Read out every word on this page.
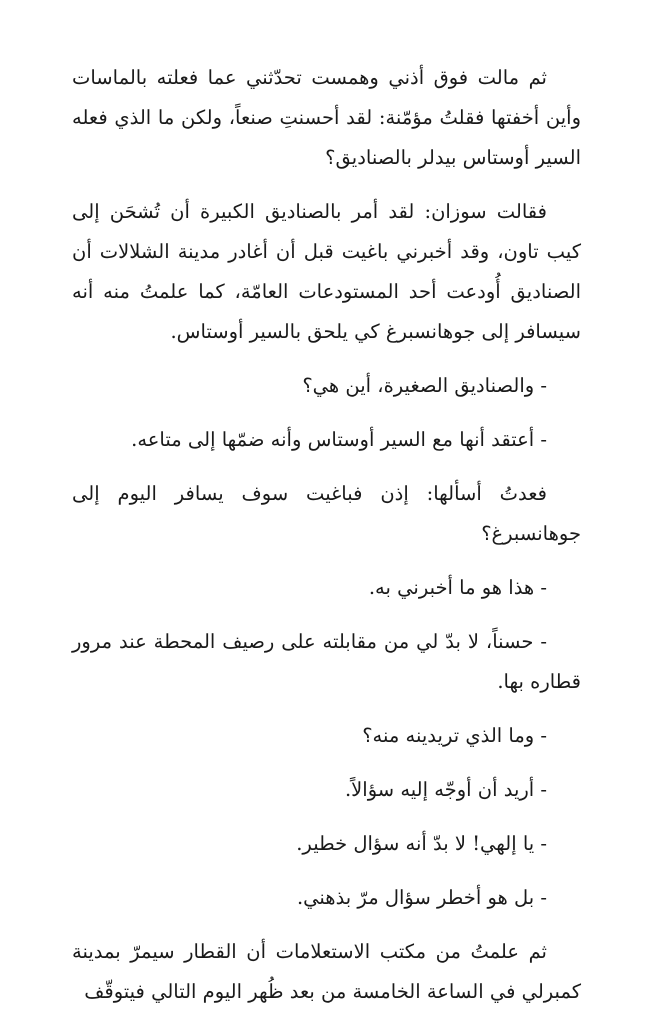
ثم مالت فوق أذني وهمست تحدّثني عما فعلته بالماسات وأين أخفتها فقلتُ مؤمّنة: لقد أحسنتِ صنعاً، ولكن ما الذي فعله السير أوستاس بيدلر بالصناديق؟

فقالت سوزان: لقد أمر بالصناديق الكبيرة أن تُشحَن إلى كيب تاون، وقد أخبرني باغيت قبل أن أغادر مدينة الشلالات أن الصناديق أُودعت أحد المستودعات العامّة، كما علمتُ منه أنه سيسافر إلى جوهانسبرغ كي يلحق بالسير أوستاس.

- والصناديق الصغيرة، أين هي؟

- أعتقد أنها مع السير أوستاس وأنه ضمّها إلى متاعه.

فعدتُ أسألها: إذن فباغيت سوف يسافر اليوم إلى جوهانسبرغ؟

- هذا هو ما أخبرني به.

- حسناً، لا بدّ لي من مقابلته على رصيف المحطة عند مرور قطاره بها.

- وما الذي تريدينه منه؟

- أريد أن أوجّه إليه سؤالاً.

- يا إلهي! لا بدّ أنه سؤال خطير.

- بل هو أخطر سؤال مرّ بذهني.

ثم علمتُ من مكتب الاستعلامات أن القطار سيمرّ بمدينة كمبرلي في الساعة الخامسة من بعد ظُهر اليوم التالي فيتوقّف
